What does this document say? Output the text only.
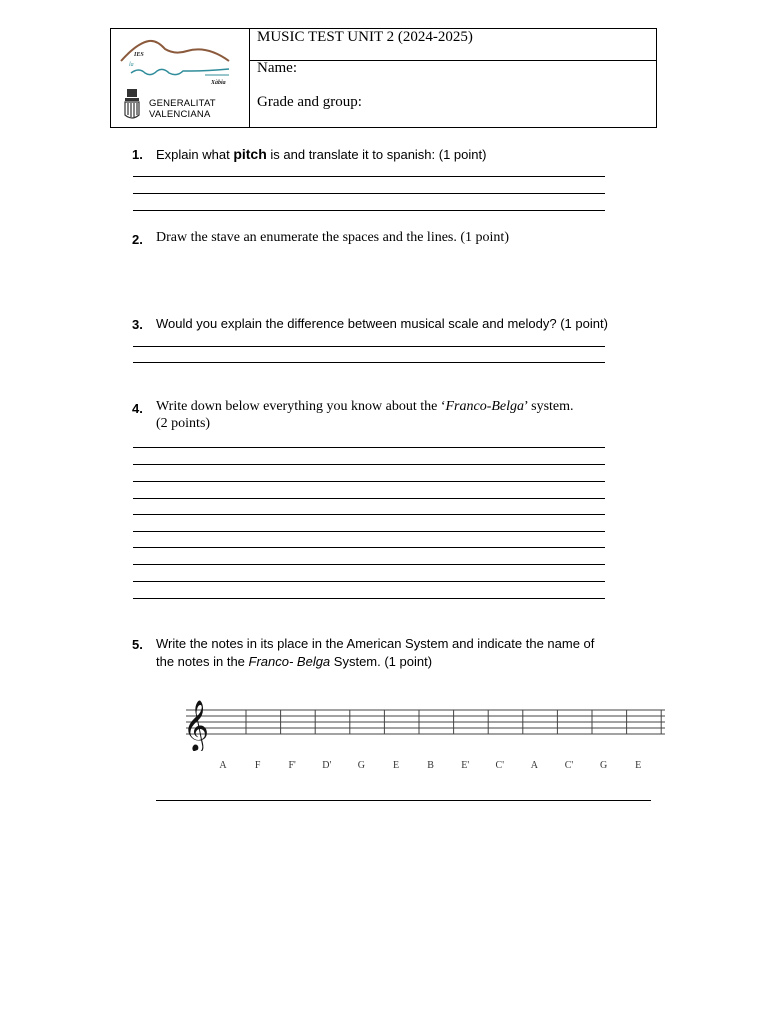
IES
la
Xàbia
GENERALITAT
VALENCIANA
MUSIC TEST UNIT 2 (2024-2025)
Name:
Grade and group:
1. Explain what pitch is and translate it to spanish: (1 point)
2. Draw the stave an enumerate the spaces and the lines. (1 point)
3. Would you explain the difference between musical scale and melody? (1 point)
4. Write down below everything you know about the ‘Franco-Belga’ system.
(2 points)
5. Write the notes in its place in the American System and indicate the name of
the notes in the Franco- Belga System. (1 point)
𝄞
A	F	F'	D'	G	E	B	E'	C'	A	C'	G	E
